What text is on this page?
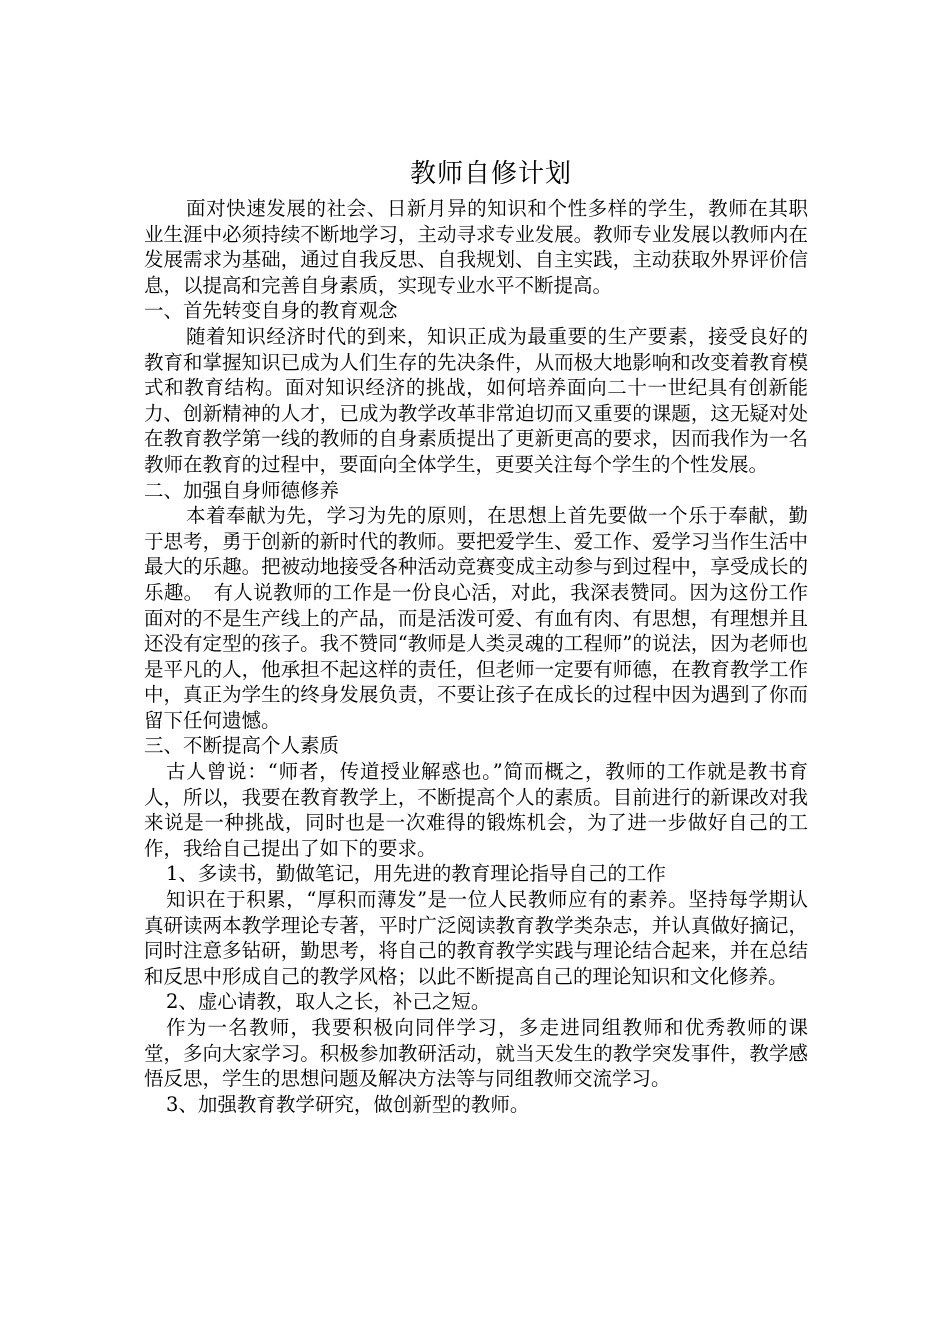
教师自修计划

面对快速发展的社会、日新月异的知识和个性多样的学生，教师在其职业生涯中必须持续不断地学习，主动寻求专业发展。教师专业发展以教师内在发展需求为基础，通过自我反思、自我规划、自主实践，主动获取外界评价信息，以提高和完善自身素质，实现专业水平不断提高。

一、首先转变自身的教育观念

随着知识经济时代的到来，知识正成为最重要的生产要素，接受良好的教育和掌握知识已成为人们生存的先决条件，从而极大地影响和改变着教育模式和教育结构。面对知识经济的挑战，如何培养面向二十一世纪具有创新能力、创新精神的人才，已成为教学改革非常迫切而又重要的课题，这无疑对处在教育教学第一线的教师的自身素质提出了更新更高的要求，因而我作为一名教师在教育的过程中，要面向全体学生，更要关注每个学生的个性发展。

二、加强自身师德修养

本着奉献为先，学习为先的原则，在思想上首先要做一个乐于奉献，勤于思考，勇于创新的新时代的教师。要把爱学生、爱工作、爱学习当作生活中最大的乐趣。把被动地接受各种活动竞赛变成主动参与到过程中，享受成长的乐趣。　有人说教师的工作是一份良心活，对此，我深表赞同。因为这份工作面对的不是生产线上的产品，而是活泼可爱、有血有肉、有思想，有理想并且还没有定型的孩子。我不赞同“教师是人类灵魂的工程师”的说法，因为老师也是平凡的人，他承担不起这样的责任，但老师一定要有师德，在教育教学工作中，真正为学生的终身发展负责，不要让孩子在成长的过程中因为遇到了你而留下任何遗憾。

三、不断提高个人素质

古人曾说：“师者，传道授业解惑也。”简而概之，教师的工作就是教书育人，所以，我要在教育教学上，不断提高个人的素质。目前进行的新课改对我来说是一种挑战，同时也是一次难得的锻炼机会，为了进一步做好自己的工作，我给自己提出了如下的要求。

1、多读书，勤做笔记，用先进的教育理论指导自己的工作

知识在于积累，“厚积而薄发”是一位人民教师应有的素养。坚持每学期认真研读两本教学理论专著，平时广泛阅读教育教学类杂志，并认真做好摘记，同时注意多钻研，勤思考，将自己的教育教学实践与理论结合起来，并在总结和反思中形成自己的教学风格；以此不断提高自己的理论知识和文化修养。

2、虚心请教，取人之长，补己之短。

作为一名教师，我要积极向同伴学习，多走进同组教师和优秀教师的课堂，多向大家学习。积极参加教研活动，就当天发生的教学突发事件，教学感悟反思，学生的思想问题及解决方法等与同组教师交流学习。

3、加强教育教学研究，做创新型的教师。
